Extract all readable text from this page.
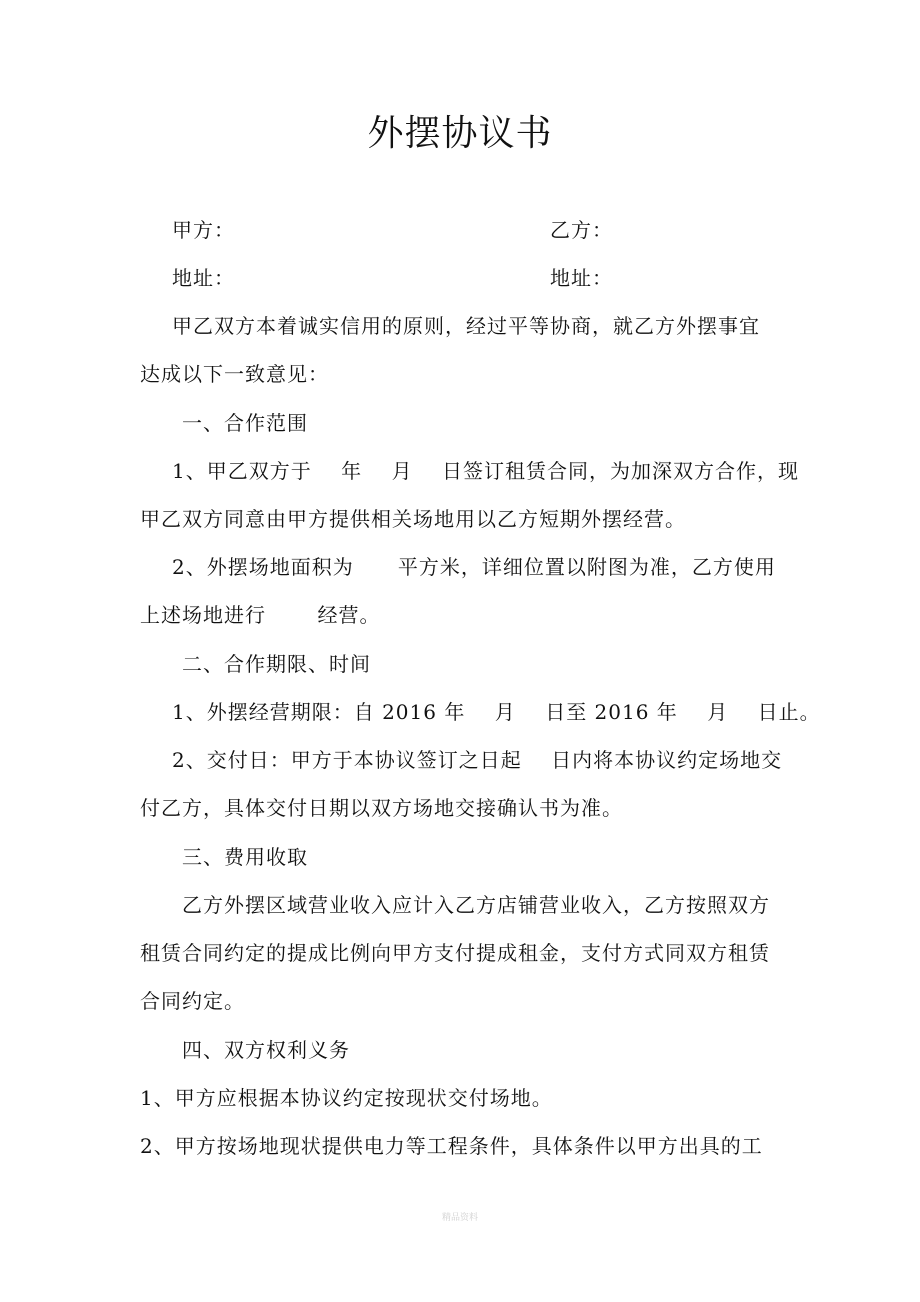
外摆协议书
甲方：	乙方：
地址：	地址：
甲乙双方本着诚实信用的原则，经过平等协商，就乙方外摆事宜
达成以下一致意见：
一、合作范围
1、甲乙双方于    年    月    日签订租赁合同，为加深双方合作，现
甲乙双方同意由甲方提供相关场地用以乙方短期外摆经营。
2、外摆场地面积为      平方米，详细位置以附图为准，乙方使用
上述场地进行       经营。
二、合作期限、时间
1、外摆经营期限：自 2016 年    月    日至 2016 年    月    日止。
2、交付日：甲方于本协议签订之日起    日内将本协议约定场地交
付乙方，具体交付日期以双方场地交接确认书为准。
三、费用收取
乙方外摆区域营业收入应计入乙方店铺营业收入，乙方按照双方
租赁合同约定的提成比例向甲方支付提成租金，支付方式同双方租赁
合同约定。
四、双方权利义务
1、甲方应根据本协议约定按现状交付场地。
2、甲方按场地现状提供电力等工程条件，具体条件以甲方出具的工
精品资料
